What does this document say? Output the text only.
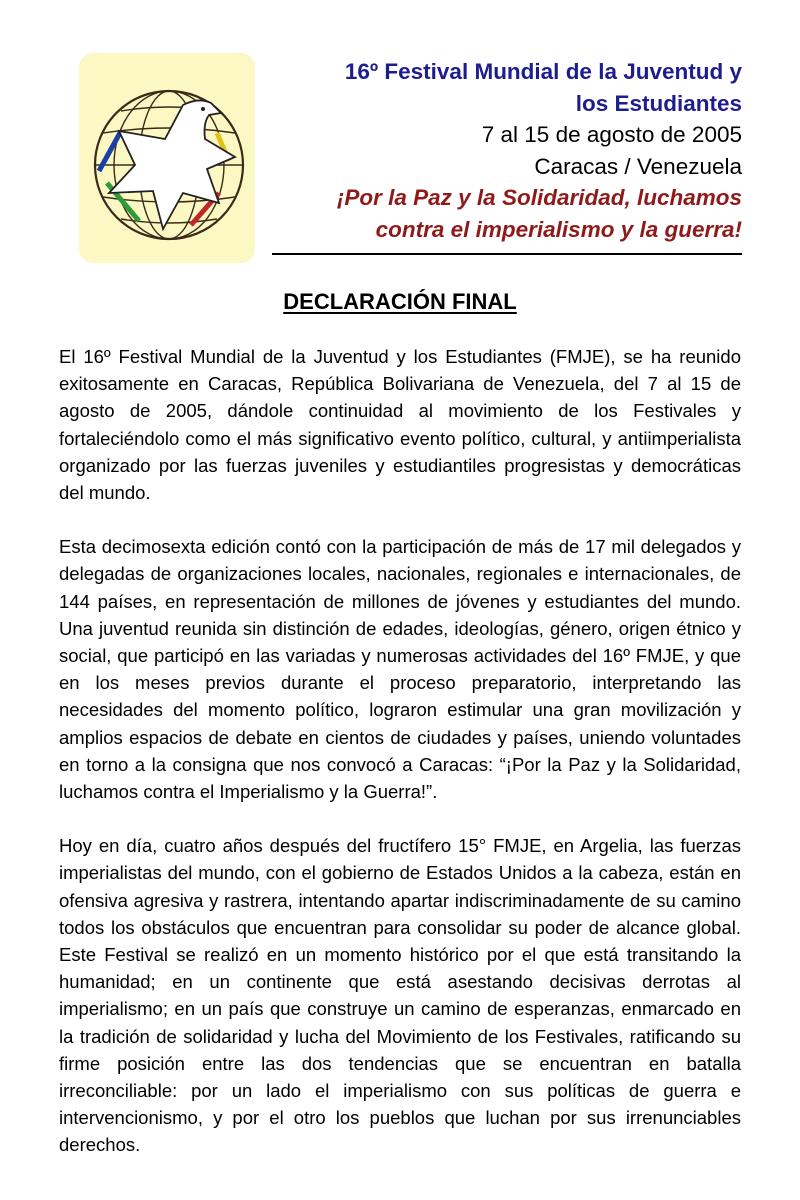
16º Festival Mundial de la Juventud y
los Estudiantes
7 al 15 de agosto de 2005
Caracas / Venezuela
¡Por la Paz y la Solidaridad, luchamos
contra el imperialismo y la guerra!
DECLARACIÓN FINAL

El 16º Festival Mundial de la Juventud y los Estudiantes (FMJE), se ha reunido exitosamente en Caracas, República Bolivariana de Venezuela, del 7 al 15 de agosto de 2005, dándole continuidad al movimiento de los Festivales y fortaleciéndolo como el más significativo evento político, cultural, y antiimperialista organizado por las fuerzas juveniles y estudiantiles progresistas y democráticas del mundo.

Esta decimosexta edición contó con la participación de más de 17 mil delegados y delegadas de organizaciones locales, nacionales, regionales e internacionales, de 144 países, en representación de millones de jóvenes y estudiantes del mundo. Una juventud reunida sin distinción de edades, ideologías, género, origen étnico y social, que participó en las variadas y numerosas actividades del 16º FMJE, y que en los meses previos durante el proceso preparatorio, interpretando las necesidades del momento político, lograron estimular una gran movilización y amplios espacios de debate en cientos de ciudades y países, uniendo voluntades en torno a la consigna que nos convocó a Caracas: “¡Por la Paz y la Solidaridad, luchamos contra el Imperialismo y la Guerra!”.

Hoy en día, cuatro años después del fructífero 15° FMJE, en Argelia, las fuerzas imperialistas del mundo, con el gobierno de Estados Unidos a la cabeza, están en ofensiva agresiva y rastrera, intentando apartar indiscriminadamente de su camino todos los obstáculos que encuentran para consolidar su poder de alcance global. Este Festival se realizó en un momento histórico por el que está transitando la humanidad; en un continente que está asestando decisivas derrotas al imperialismo; en un país que construye un camino de esperanzas, enmarcado en la tradición de solidaridad y lucha del Movimiento de los Festivales, ratificando su firme posición entre las dos tendencias que se encuentran en batalla irreconciliable: por un lado el imperialismo con sus políticas de guerra e intervencionismo, y por el otro los pueblos que luchan por sus irrenunciables derechos.
